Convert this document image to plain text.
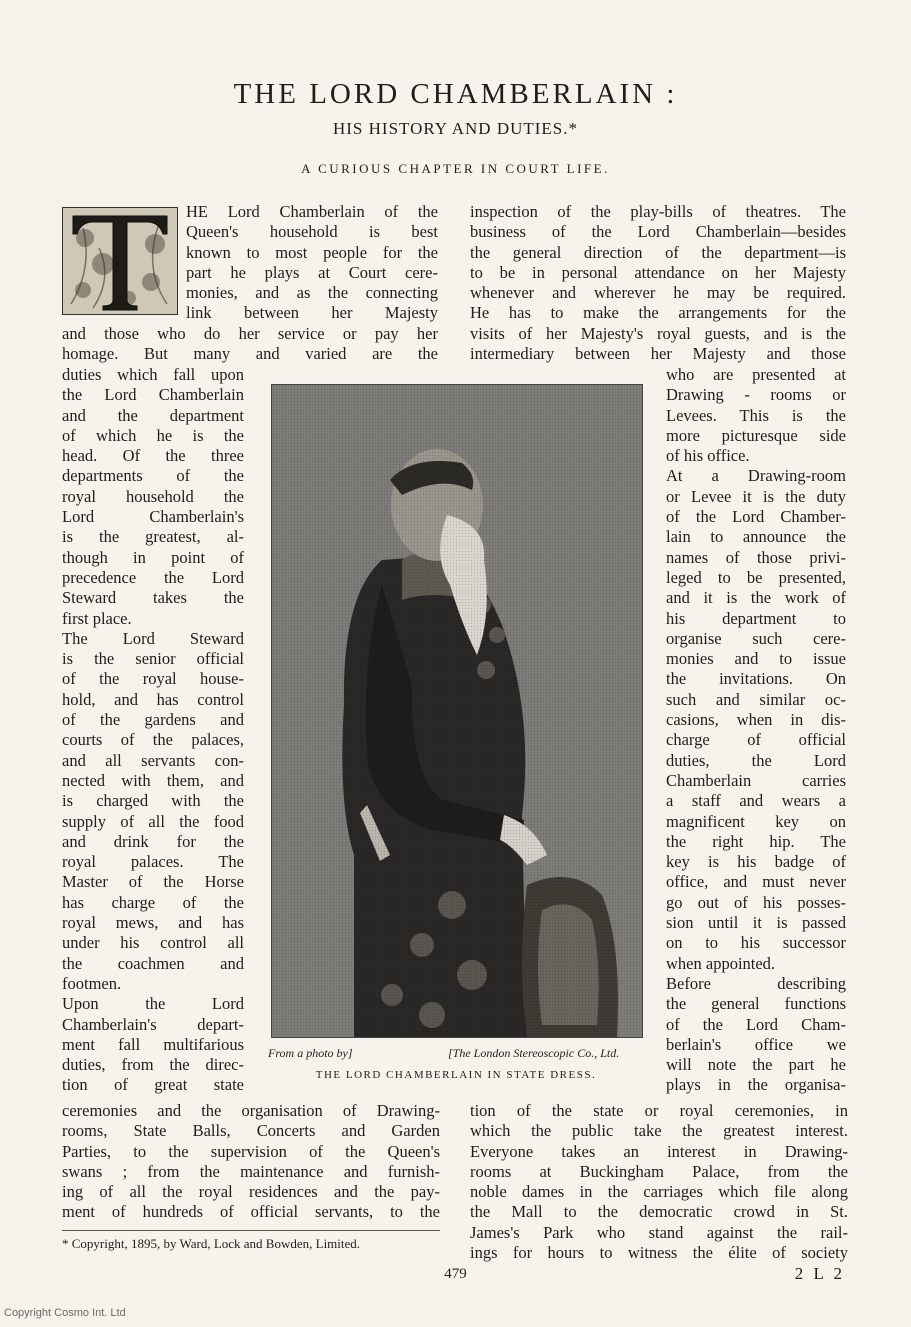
THE LORD CHAMBERLAIN :
HIS HISTORY AND DUTIES.*
A CURIOUS CHAPTER IN COURT LIFE.
HE Lord Chamberlain of the
Queen's household is best
known to most people for the
part he plays at Court cere-
monies, and as the connecting
link between her Majesty
and those who do her service or pay her
homage. But many and varied are the
duties which fall upon
the Lord Chamberlain
and the department
of which he is the
head. Of the three
departments of the
royal household the
Lord Chamberlain's
is the greatest, al-
though in point of
precedence the Lord
Steward takes the
first place.
The Lord Steward
is the senior official
of the royal house-
hold, and has control
of the gardens and
courts of the palaces,
and all servants con-
nected with them, and
is charged with the
supply of all the food
and drink for the
royal palaces. The
Master of the Horse
has charge of the
royal mews, and has
under his control all
the coachmen and
footmen.
Upon the Lord
Chamberlain's depart-
ment fall multifarious
duties, from the direc-
tion of great state
ceremonies and the organisation of Drawing-
rooms, State Balls, Concerts and Garden
Parties, to the supervision of the Queen's
swans ; from the maintenance and furnish-
ing of all the royal residences and the pay-
ment of hundreds of official servants, to the
inspection of the play-bills of theatres. The
business of the Lord Chamberlain—besides
the general direction of the department—is
to be in personal attendance on her Majesty
whenever and wherever he may be required.
He has to make the arrangements for the
visits of her Majesty's royal guests, and is the
intermediary between her Majesty and those
who are presented at
Drawing - rooms or
Levees. This is the
more picturesque side
of his office.
At a Drawing-room
or Levee it is the duty
of the Lord Chamber-
lain to announce the
names of those privi-
leged to be presented,
and it is the work of
his department to
organise such cere-
monies and to issue
the invitations. On
such and similar oc-
casions, when in dis-
charge of official
duties, the Lord
Chamberlain carries
a staff and wears a
magnificent key on
the right hip. The
key is his badge of
office, and must never
go out of his posses-
sion until it is passed
on to his successor
when appointed.
Before describing
the general functions
of the Lord Cham-
berlain's office we
will note the part he
plays in the organisa-
tion of the state or royal ceremonies, in
which the public take the greatest interest.
Everyone takes an interest in Drawing-
rooms at Buckingham Palace, from the
noble dames in the carriages which file along
the Mall to the democratic crowd in St.
James's Park who stand against the rail-
ings for hours to witness the élite of society
From a photo by]	[The London Stereoscopic Co., Ltd.
THE LORD CHAMBERLAIN IN STATE DRESS.
* Copyright, 1895, by Ward, Lock and Bowden, Limited.
479	2 L 2
Copyright Cosmo Int. Ltd
